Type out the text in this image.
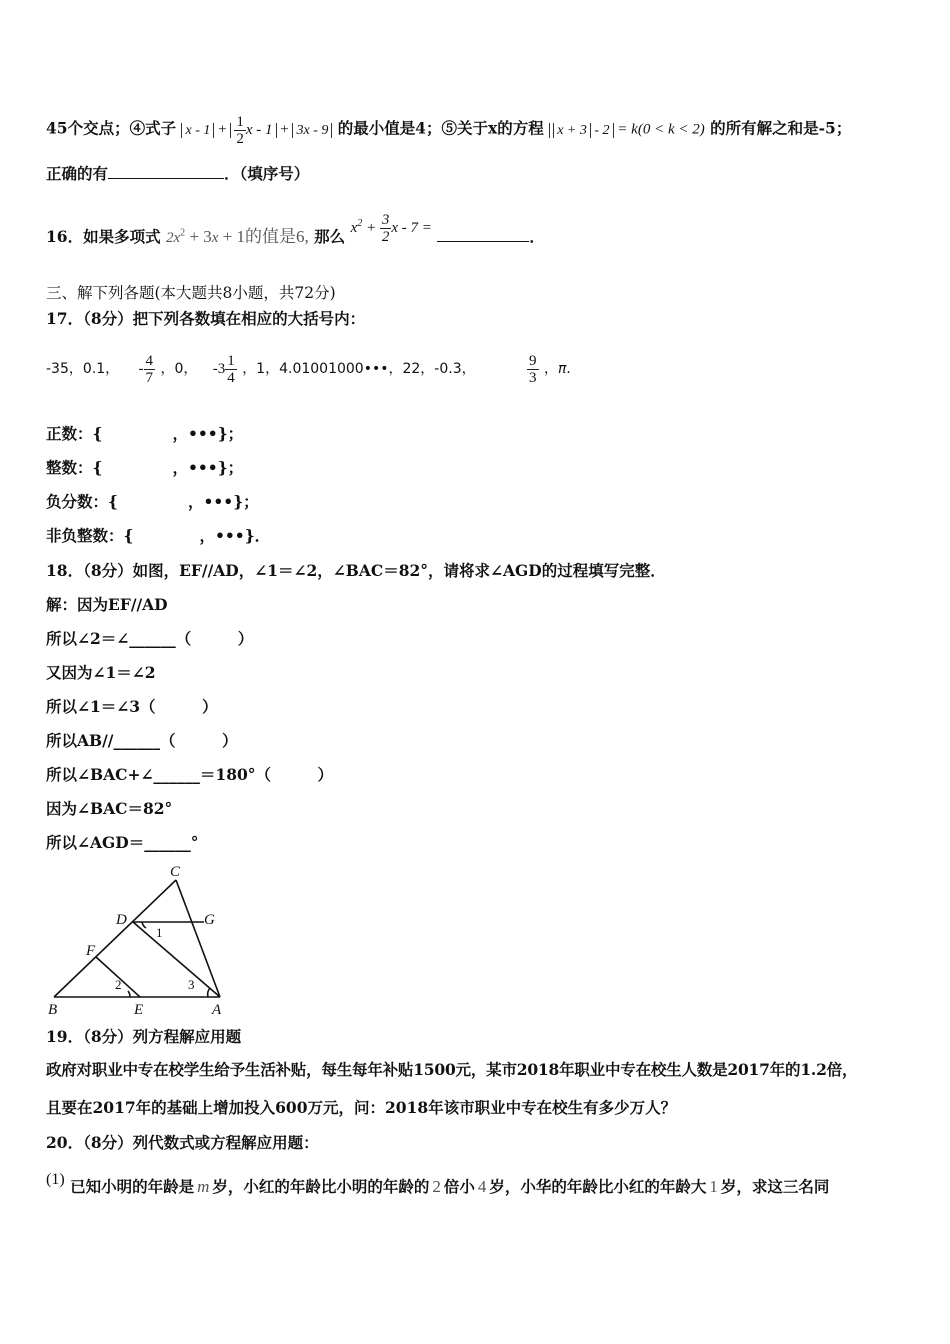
45个交点；④式子 $x - 1 + \frac{1}{2}$ x - 1 + 3x - 9 的最小值是4；⑤关于x的方程 x + 3 - 2 = k(0 < k < 2) 的所有解之和是-5；
正确的有	．（填序号）
16．如果多项式 $2x^2 + 3x + 1$的值是6, 那么 $x^2 + \frac{3}{2}$ x - 7 =	．
三、解下列各题(本大题共8小题，共72分)
17．（8分）把下列各数填在相应的大括号内：
-35，0.1， - $\frac{4}{7}$ ，0， $-3 \frac{1}{4}$ ，1，4.01001000•••，22，-0.3，	$\frac{9}{3}$ ，π．
正数：{	，•••}；
整数：{	，•••}；
负分数：{	，•••}；
非负整数：{	，•••}．
18．（8分）如图，EF//AD，∠1＝∠2，∠BAC＝82°，请将求∠AGD的过程填写完整．
解：因为EF//AD
所以∠2＝∠______（　　　）
又因为∠1＝∠2
所以∠1＝∠3（　　　）
所以AB//______（　　　）
所以∠BAC+∠______＝180°（　　　）
因为∠BAC＝82°
所以∠AGD＝______°
C
D	G
F
B	E	A
1
2	3
19．（8分）列方程解应用题
政府对职业中专在校学生给予生活补贴，每生每年补贴1500元，某市2018年职业中专在校生人数是2017年的1.2倍，
且要在2017年的基础上增加投入600万元，问：2018年该市职业中专在校生有多少万人？
20．（8分）列代数式或方程解应用题：
(1) 已知小明的年龄是 m 岁，小红的年龄比小明的年龄的 2 倍小 4 岁，小华的年龄比小红的年龄大 1 岁，求这三名同
